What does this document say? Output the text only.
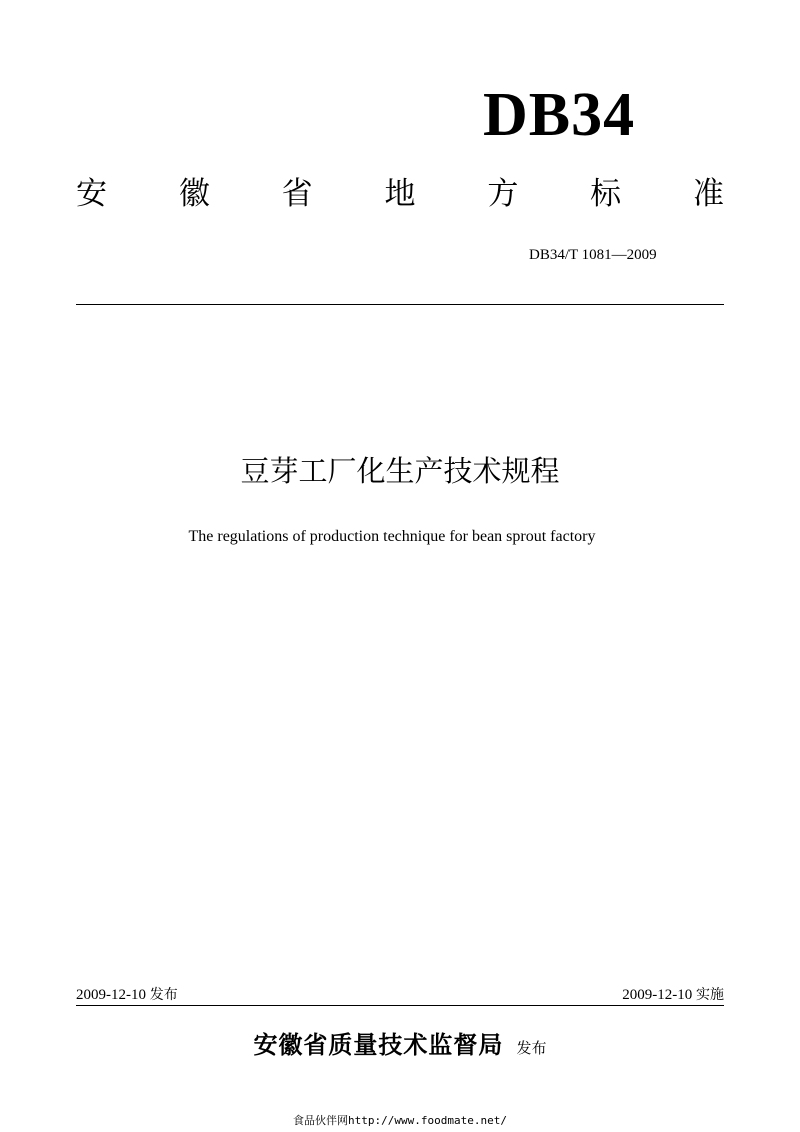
DB34
安 徽 省 地 方 标 准
DB34/T 1081—2009
豆芽工厂化生产技术规程
The regulations of production technique for bean sprout factory
2009-12-10 发布	2009-12-10 实施
安徽省质量技术监督局 发布
食品伙伴网http://www.foodmate.net/
